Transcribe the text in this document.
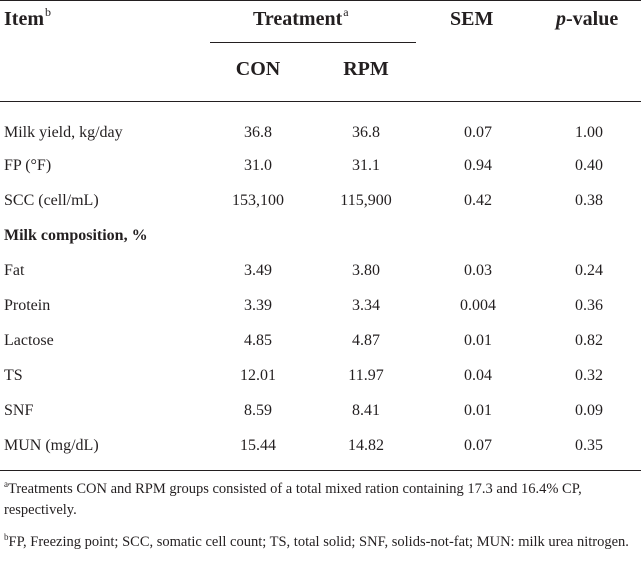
Item$^b$	Treatment$^a$	SEM	p-value
CON	RPM
Milk yield, kg/day	36.8	36.8	0.07	1.00
FP (°F)	31.0	31.1	0.94	0.40
SCC (cell/mL)	153,100	115,900	0.42	0.38
Milk composition, %
Fat	3.49	3.80	0.03	0.24
Protein	3.39	3.34	0.004	0.36
Lactose	4.85	4.87	0.01	0.82
TS	12.01	11.97	0.04	0.32
SNF	8.59	8.41	0.01	0.09
MUN (mg/dL)	15.44	14.82	0.07	0.35
$^a$Treatments CON and RPM groups consisted of a total mixed ration containing 17.3 and 16.4% CP, respectively.
$^b$FP, Freezing point; SCC, somatic cell count; TS, total solid; SNF, solids-not-fat; MUN: milk urea nitrogen.
